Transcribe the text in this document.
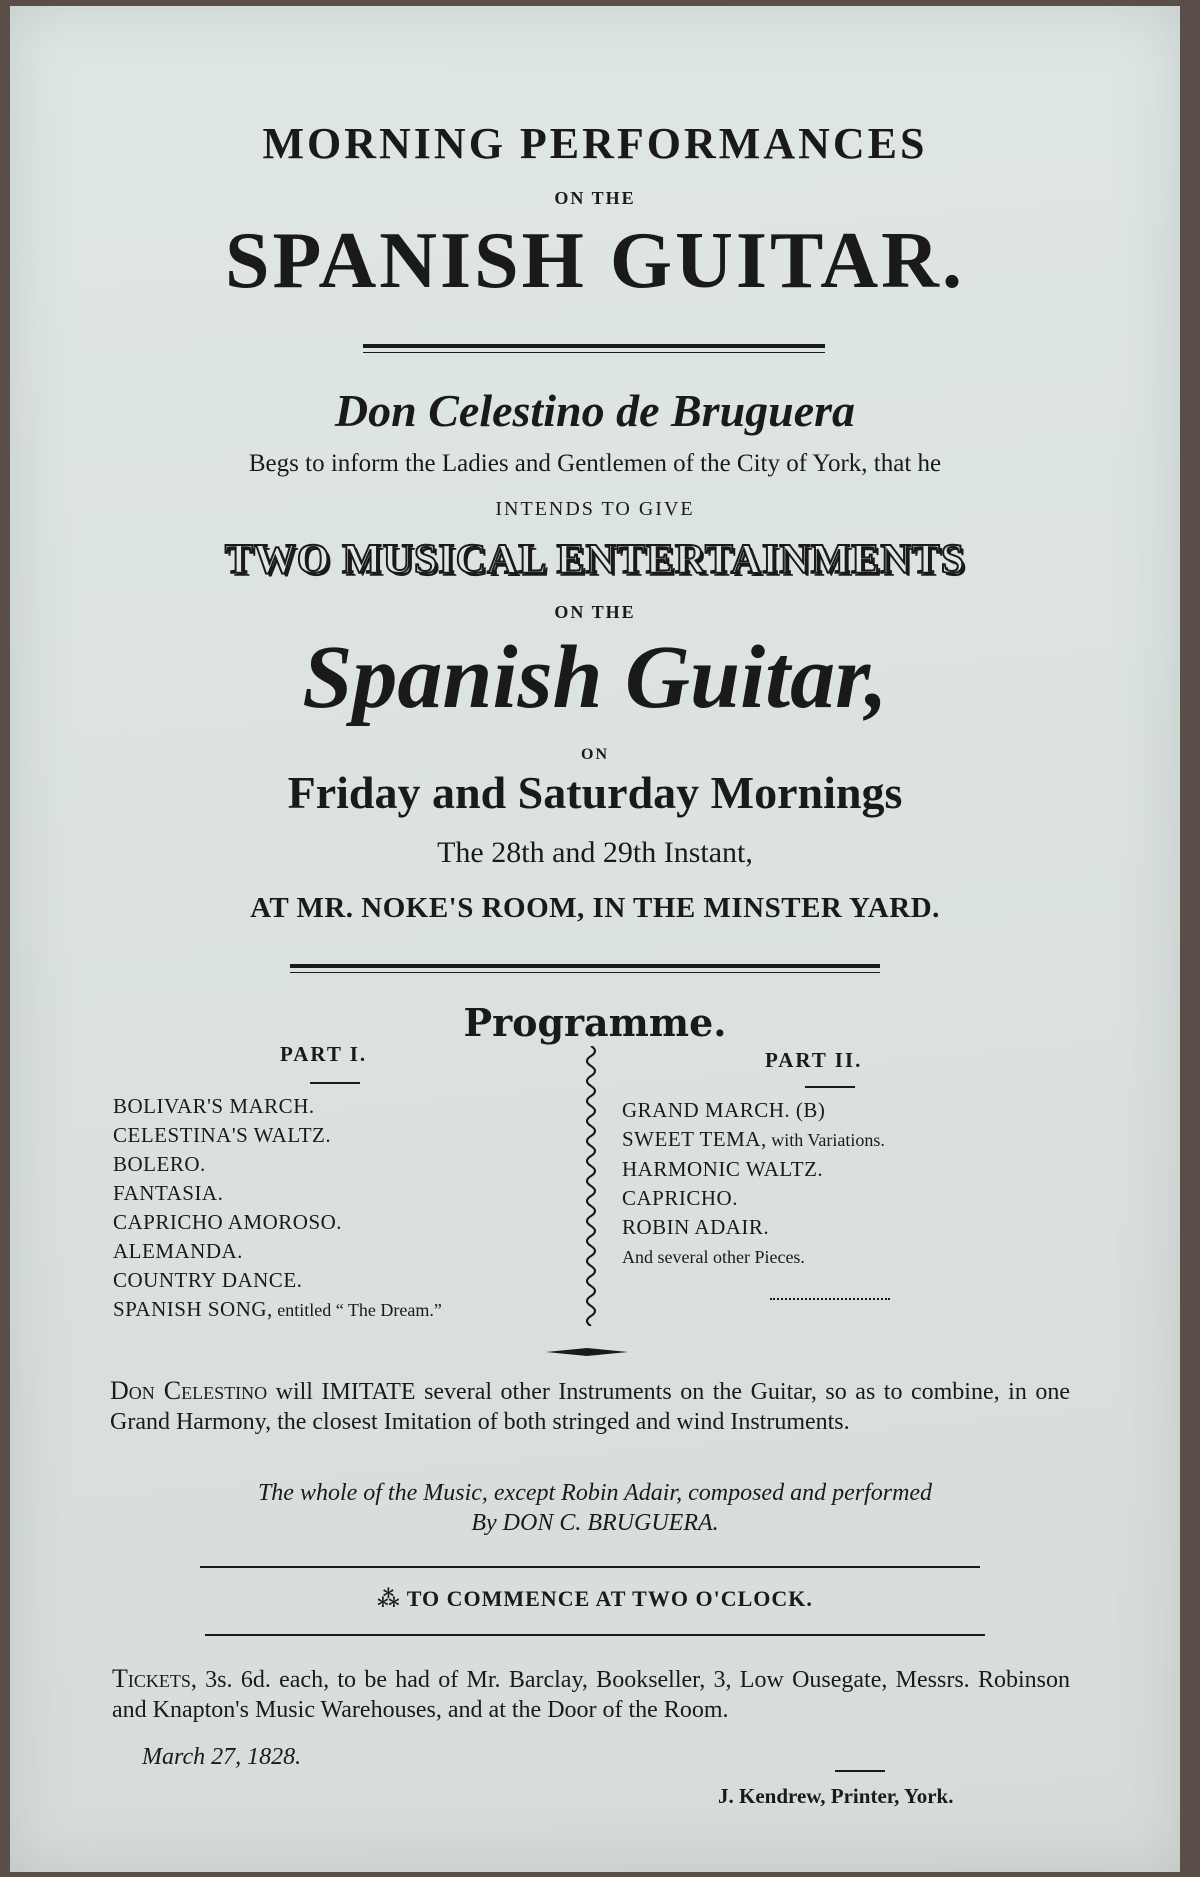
MORNING PERFORMANCES
ON THE
SPANISH GUITAR.
Don Celestino de Bruguera
Begs to inform the Ladies and Gentlemen of the City of York, that he
INTENDS TO GIVE
TWO MUSICAL ENTERTAINMENTS
ON THE
Spanish Guitar,
ON
Friday and Saturday Mornings
The 28th and 29th Instant,
AT MR. NOKE'S ROOM, IN THE MINSTER YARD.
Programme.
PART I.
BOLIVAR'S MARCH.
CELESTINA'S WALTZ.
BOLERO.
FANTASIA.
CAPRICHO AMOROSO.
ALEMANDA.
COUNTRY DANCE.
SPANISH SONG, entitled “ The Dream.”
PART II.
GRAND MARCH. (B)
SWEET TEMA, with Variations.
HARMONIC WALTZ.
CAPRICHO.
ROBIN ADAIR.
And several other Pieces.
Don Celestino will IMITATE several other Instruments on the Guitar, so as to combine, in one Grand Harmony, the closest Imitation of both stringed and wind Instruments.
The whole of the Music, except Robin Adair, composed and performed
By DON C. BRUGUERA.
⁂ TO COMMENCE AT TWO O'CLOCK.
Tickets, 3s. 6d. each, to be had of Mr. Barclay, Bookseller, 3, Low Ousegate, Messrs. Robinson and Knapton's Music Warehouses, and at the Door of the Room.
March 27, 1828.
J. Kendrew, Printer, York.
